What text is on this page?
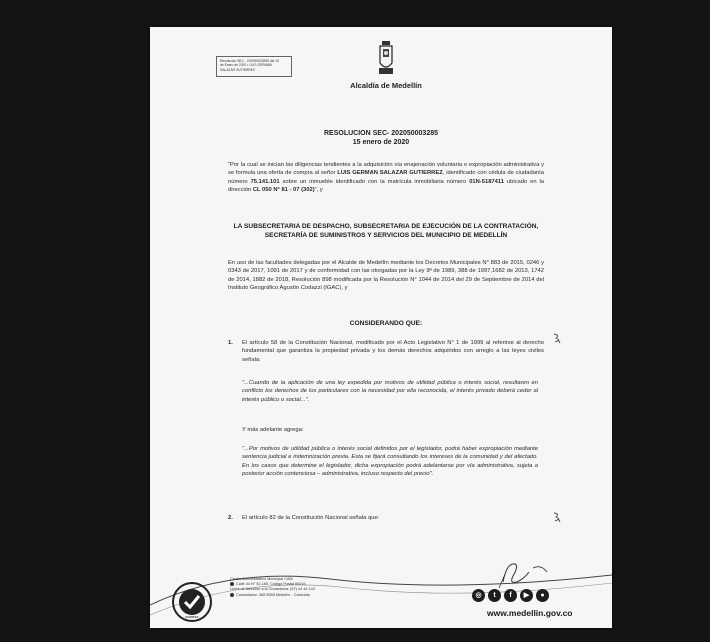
Resolución SEC - 202050003285 del 15
de Enero de 2020 • LUIS GERMAN
SALAZAR GUTIERREZ
Alcaldía de Medellín
RESOLUCION SEC- 202050003285
15 enero de 2020
"Por la cual se inician las diligencias tendientes a la adquisición vía enajenación voluntaria o expropiación administrativa y se formula una oferta de compra al señor LUIS GERMAN SALAZAR GUTIERREZ, identificado con cédula de ciudadanía número 75.141.101 sobre un inmueble identificado con la matrícula inmobiliaria número 01N-5187411 ubicado en la dirección CL 050 N° 81 - 07 (302)", y
LA SUBSECRETARIA DE DESPACHO, SUBSECRETARIA DE EJECUCIÓN DE LA CONTRATACIÓN, SECRETARÍA DE SUMINISTROS Y SERVICIOS DEL MUNICIPIO DE MEDELLÍN
En uso de las facultades delegadas por el Alcalde de Medellín mediante los Decretos Municipales N° 883 de 2015, 0246 y 0343 de 2017, 1091 de 2017 y de conformidad con las otorgadas por la Ley 9ª de 1989, 388 de 1997,1682 de 2013, 1742 de 2014, 1882 de 2018, Resolución 898 modificada por la Resolución N° 1044 de 2014 del 29 de Septiembre de 2014 del Instituto Geográfico Agustín Codazzi (IGAC), y
CONSIDERANDO QUE:
1. El artículo 58 de la Constitución Nacional, modificado por el Acto Legislativo N° 1 de 1999 al referirse al derecho fundamental que garantiza la propiedad privada y los demás derechos adquiridos con arreglo a las leyes civiles señala:
"...Cuando de la aplicación de una ley expedida por motivos de utilidad pública o interés social, resultaren en conflicto los derechos de los particulares con la necesidad por ella reconocida, el interés privado deberá ceder al interés público o social...".
Y más adelante agrega:
"...Por motivos de utilidad pública o interés social definidos por el legislador, podrá haber expropiación mediante sentencia judicial e indemnización previa. Esta se fijará consultando los intereses de la comunidad y del afectado. En los casos que determine el legislador, dicha expropiación podrá adelantarse por vía administrativa, sujeta a posterior acción contenciosa – administrativa, incluso respecto del precio".
2. El artículo 82 de la Constitución Nacional señala que:
ICONTEC
Centro Administrativo Municipal CAM
Calle 44 N° 52-165. Código Postal 50015
Línea de Atención a la Ciudadanía: (57) 44 44 144
Conmutador: 385 5555 Medellín - Colombia	◎	t	f	▶	●
www.medellin.gov.co
